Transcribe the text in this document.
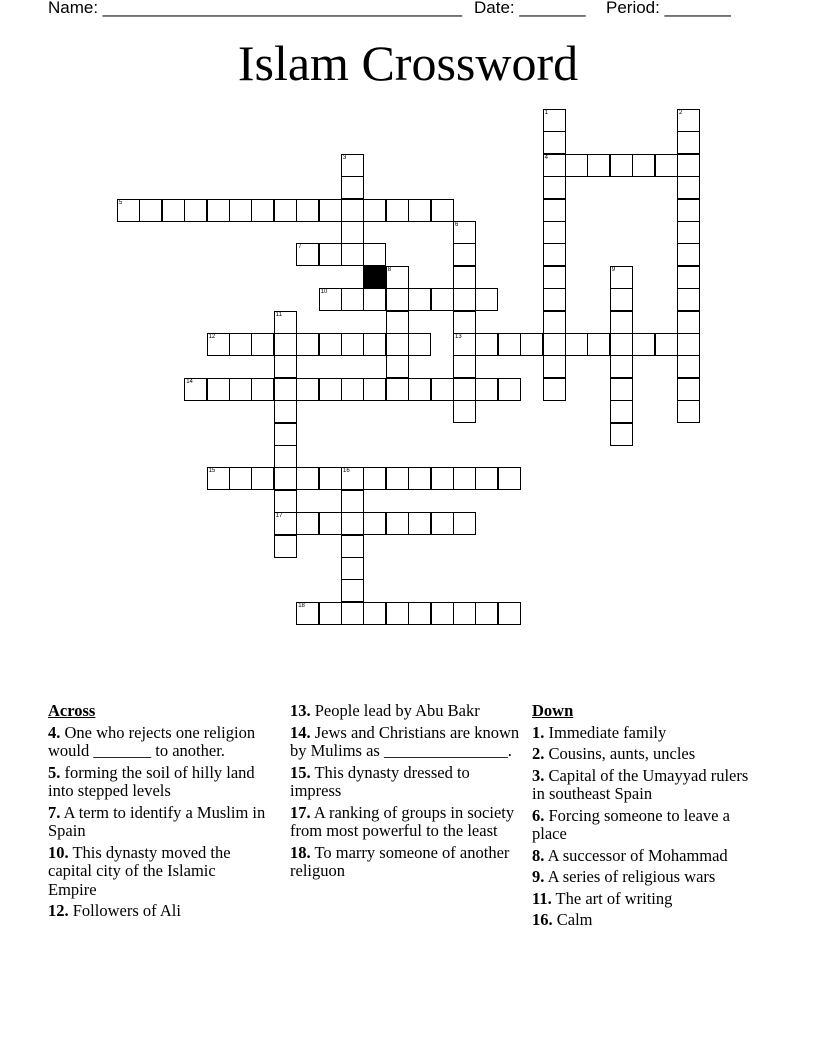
Name: ______________________________________

Date: _______

Period: _______

Islam Crossword
1
4
2
3
5
6
13
7
8	9
10
11
17
12
14
15	16
18
Across
4. One who rejects one religion would _______ to another.
5. forming the soil of hilly land into stepped levels
7. A term to identify a Muslim in Spain
10. This dynasty moved the capital city of the Islamic Empire
12. Followers of Ali
13. People lead by Abu Bakr
14. Jews and Christians are known by Mulims as _______________.
15. This dynasty dressed to impress
17. A ranking of groups in society from most powerful to the least
18. To marry someone of another religuon
Down
1. Immediate family
2. Cousins, aunts, uncles
3. Capital of the Umayyad rulers in southeast Spain
6. Forcing someone to leave a place
8. A successor of Mohammad
9. A series of religious wars
11. The art of writing
16. Calm
